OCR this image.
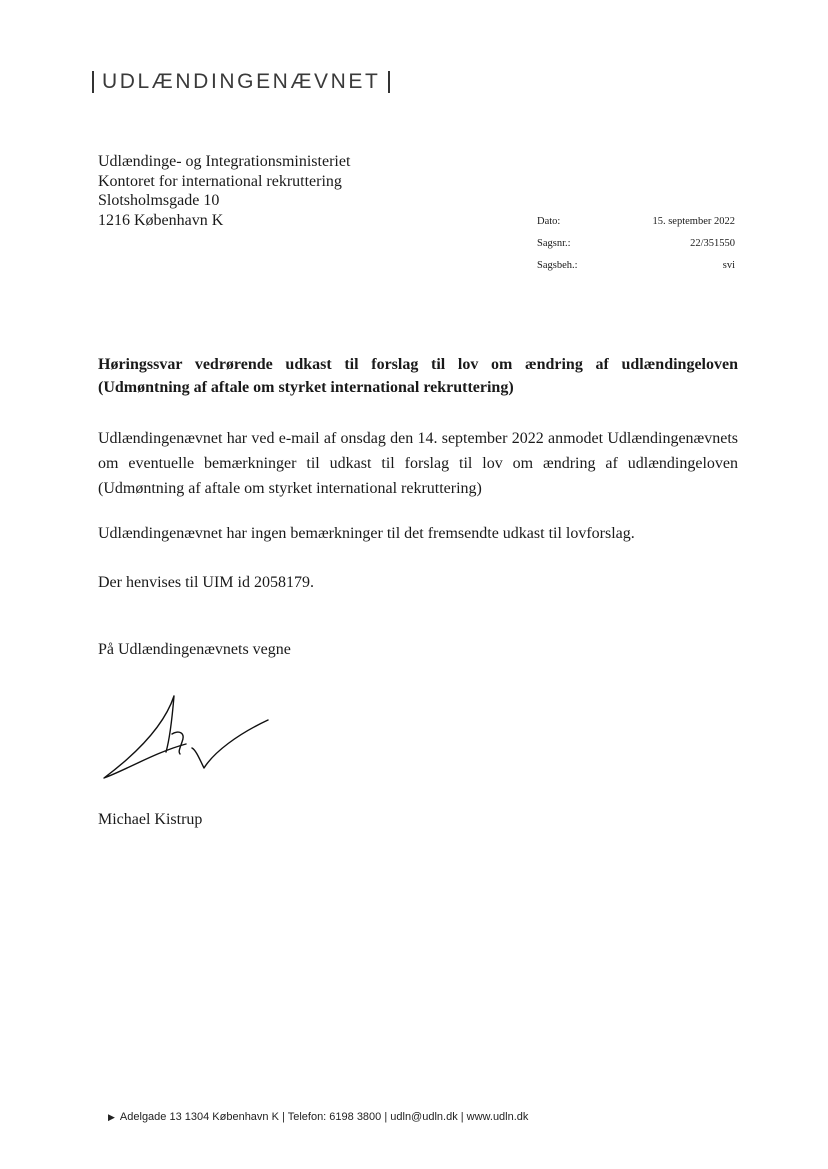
UDLÆNDINGENÆVNET
Udlændinge- og Integrationsministeriet
Kontoret for international rekruttering
Slotsholmsgade 10
1216 København K	Dato:	15. september 2022
Sagsnr.:	22/351550
Sagsbeh.:	svi
Høringssvar vedrørende udkast til forslag til lov om ændring af udlændingeloven (Udmøntning af aftale om styrket international rekruttering)
Udlændingenævnet har ved e-mail af onsdag den 14. september 2022 anmodet Udlændingenævnets om eventuelle bemærkninger til udkast til forslag til lov om ændring af udlændingeloven (Udmøntning af aftale om styrket international rekruttering)
Udlændingenævnet har ingen bemærkninger til det fremsendte udkast til lovforslag.
Der henvises til UIM id 2058179.
På Udlændingenævnets vegne
Michael Kistrup
▶ Adelgade 13 1304 København K | Telefon: 6198 3800 | udln@udln.dk | www.udln.dk
